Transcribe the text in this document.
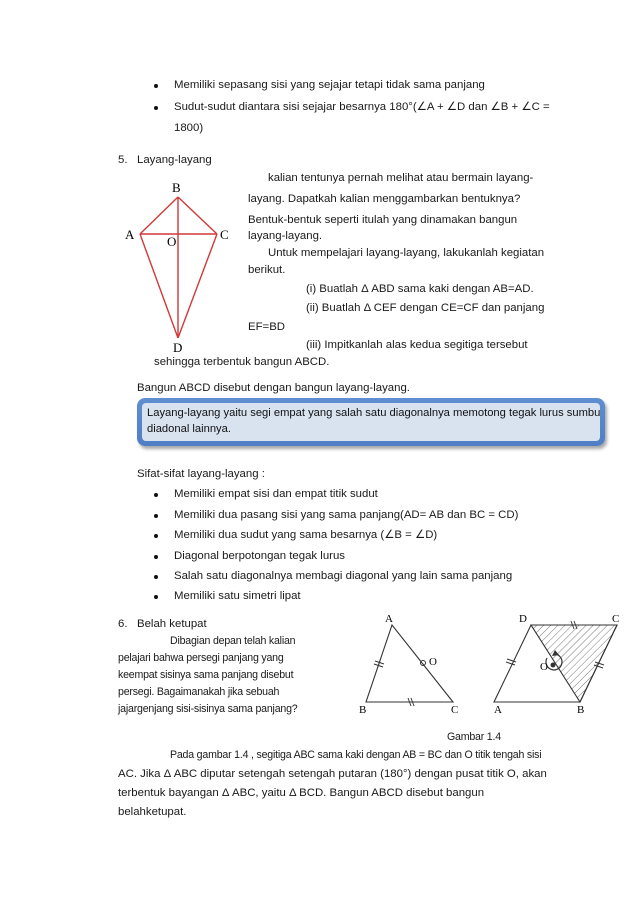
Memiliki sepasang sisi yang sejajar tetapi tidak sama panjang
Sudut-sudut diantara sisi sejajar besarnya 180°(∠A + ∠D dan ∠B + ∠C =
1800)
5. Layang-layang
B
A	O	C
D
kalian tentunya pernah melihat atau bermain layang-
layang. Dapatkah kalian menggambarkan bentuknya?
Bentuk-bentuk seperti itulah yang dinamakan bangun
layang-layang.
Untuk mempelajari layang-layang, lakukanlah kegiatan
berikut.
(i) Buatlah Δ ABD sama kaki dengan AB=AD.
(ii) Buatlah Δ CEF dengan CE=CF dan panjang
EF=BD
(iii) Impitkanlah alas kedua segitiga tersebut
sehingga terbentuk bangun ABCD.
Bangun ABCD disebut dengan bangun layang-layang.
Layang-layang yaitu segi empat yang salah satu diagonalnya memotong tegak lurus sumbu diadonal lainnya.
Sifat-sifat layang-layang :
Memiliki empat sisi dan empat titik sudut
Memiliki dua pasang sisi yang sama panjang(AD= AB dan BC = CD)
Memiliki dua sudut yang sama besarnya (∠B = ∠D)
Diagonal berpotongan tegak lurus
Salah satu diagonalnya membagi diagonal yang lain sama panjang
Memiliki satu simetri lipat
6. Belah ketupat
Dibagian depan telah kalian
pelajari bahwa persegi panjang yang
keempat sisinya sama panjang disebut
persegi. Bagaimanakah jika sebuah
jajargenjang sisi-sisinya sama panjang?
A
O
B	C
D	C
O
A	B
Gambar 1.4
Pada gambar 1.4 , segitiga ABC sama kaki dengan AB = BC dan O titik tengah sisi
AC. Jika Δ ABC diputar setengah setengah putaran (180°) dengan pusat titik O, akan
terbentuk bayangan Δ ABC, yaitu Δ BCD. Bangun ABCD disebut bangun
belahketupat.
